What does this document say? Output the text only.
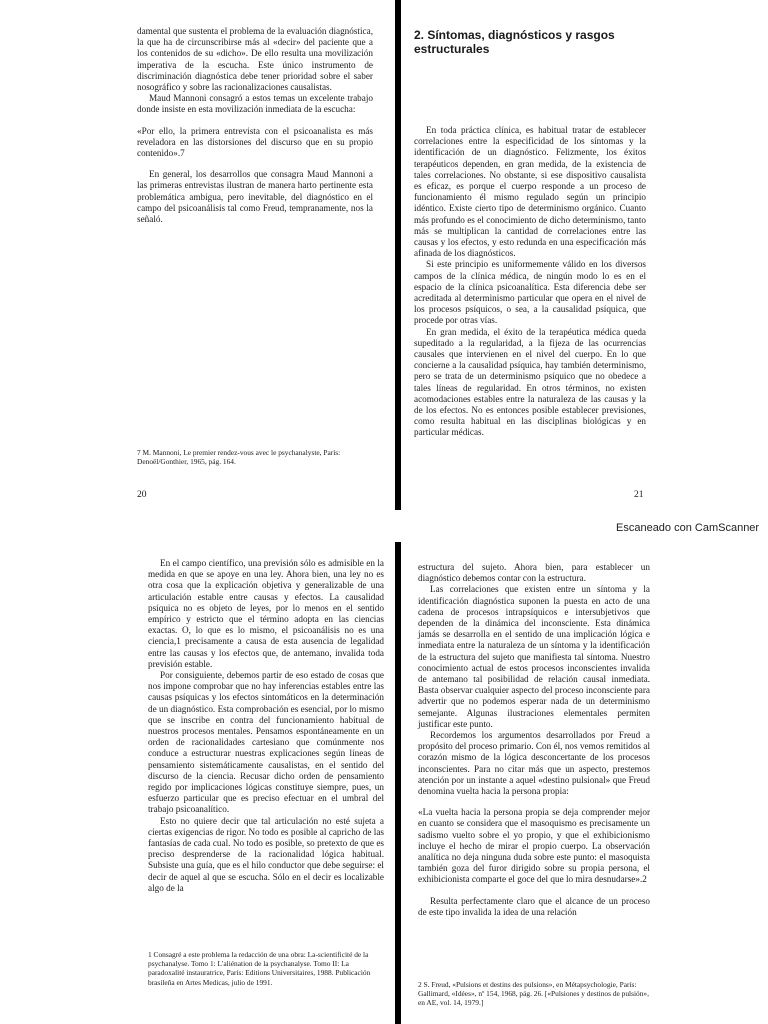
damental que sustenta el problema de la evaluación diagnóstica, la que ha de circunscribirse más al «decir» del paciente que a los contenidos de su «dicho». De ello resulta una movilización imperativa de la escucha. Este único instrumento de discriminación diagnóstica debe tener prioridad sobre el saber nosográfico y sobre las racionalizaciones causalistas.

Maud Mannoni consagró a estos temas un excelente trabajo donde insiste en esta movilización inmediata de la escucha:

«Por ello, la primera entrevista con el psicoanalista es más reveladora en las distorsiones del discurso que en su propio contenido».7

En general, los desarrollos que consagra Maud Mannoni a las primeras entrevistas ilustran de manera harto pertinente esta problemática ambigua, pero inevitable, del diagnóstico en el campo del psicoanálisis tal como Freud, tempranamente, nos la señaló.

7 M. Mannoni, Le premier rendez-vous avec le psychanalyste, París: Denoël/Gonthier, 1965, pág. 164.

20
2. Síntomas, diagnósticos y rasgos estructurales

En toda práctica clínica, es habitual tratar de establecer correlaciones entre la especificidad de los síntomas y la identificación de un diagnóstico. Felizmente, los éxitos terapéuticos dependen, en gran medida, de la existencia de tales correlaciones. No obstante, si ese dispositivo causalista es eficaz, es porque el cuerpo responde a un proceso de funcionamiento él mismo regulado según un principio idéntico. Existe cierto tipo de determinismo orgánico. Cuanto más profundo es el conocimiento de dicho determinismo, tanto más se multiplican la cantidad de correlaciones entre las causas y los efectos, y esto redunda en una especificación más afinada de los diagnósticos.

Si este principio es uniformemente válido en los diversos campos de la clínica médica, de ningún modo lo es en el espacio de la clínica psicoanalítica. Esta diferencia debe ser acreditada al determinismo particular que opera en el nivel de los procesos psíquicos, o sea, a la causalidad psíquica, que procede por otras vías.

En gran medida, el éxito de la terapéutica médica queda supeditado a la regularidad, a la fijeza de las ocurrencias causales que intervienen en el nivel del cuerpo. En lo que concierne a la causalidad psíquica, hay también determinismo, pero se trata de un determinismo psíquico que no obedece a tales líneas de regularidad. En otros términos, no existen acomodaciones estables entre la naturaleza de las causas y la de los efectos. No es entonces posible establecer previsiones, como resulta habitual en las disciplinas biológicas y en particular médicas.

21
Escaneado con CamScanner

En el campo científico, una previsión sólo es admisible en la medida en que se apoye en una ley. Ahora bien, una ley no es otra cosa que la explicación objetiva y generalizable de una articulación estable entre causas y efectos. La causalidad psíquica no es objeto de leyes, por lo menos en el sentido empírico y estricto que el término adopta en las ciencias exactas. O, lo que es lo mismo, el psicoanálisis no es una ciencia,1 precisamente a causa de esta ausencia de legalidad entre las causas y los efectos que, de antemano, invalida toda previsión estable.

Por consiguiente, debemos partir de eso estado de cosas que nos impone comprobar que no hay inferencias estables entre las causas psíquicas y los efectos sintomáticos en la determinación de un diagnóstico. Esta comprobación es esencial, por lo mismo que se inscribe en contra del funcionamiento habitual de nuestros procesos mentales. Pensamos espontáneamente en un orden de racionalidades cartesiano que comúnmente nos conduce a estructurar nuestras explicaciones según líneas de pensamiento sistemáticamente causalistas, en el sentido del discurso de la ciencia. Recusar dicho orden de pensamiento regido por implicaciones lógicas constituye siempre, pues, un esfuerzo particular que es preciso efectuar en el umbral del trabajo psicoanalítico.

Esto no quiere decir que tal articulación no esté sujeta a ciertas exigencias de rigor. No todo es posible al capricho de las fantasías de cada cual. No todo es posible, so pretexto de que es preciso desprenderse de la racionalidad lógica habitual. Subsiste una guía, que es el hilo conductor que debe seguirse: el decir de aquel al que se escucha. Sólo en el decir es localizable algo de la

1 Consagré a este problema la redacción de una obra: La-scientificité de la psychanalyse. Tomo 1: L'aliénation de la psychanalyse. Tomo II: La paradoxalité instauratrice, París: Editions Universitaires, 1988. Publicación brasileña en Artes Medicas, julio de 1991.

estructura del sujeto. Ahora bien, para establecer un diagnóstico debemos contar con la estructura.

Las correlaciones que existen entre un síntoma y la identificación diagnóstica suponen la puesta en acto de una cadena de procesos intrapsíquicos e intersubjetivos que dependen de la dinámica del inconsciente. Esta dinámica jamás se desarrolla en el sentido de una implicación lógica e inmediata entre la naturaleza de un síntoma y la identificación de la estructura del sujeto que manifiesta tal síntoma. Nuestro conocimiento actual de estos procesos inconscientes invalida de antemano tal posibilidad de relación causal inmediata. Basta observar cualquier aspecto del proceso inconsciente para advertir que no podemos esperar nada de un determinismo semejante. Algunas ilustraciones elementales permiten justificar este punto.

Recordemos los argumentos desarrollados por Freud a propósito del proceso primario. Con él, nos vemos remitidos al corazón mismo de la lógica desconcertante de los procesos inconscientes. Para no citar más que un aspecto, prestemos atención por un instante a aquel «destino pulsional» que Freud denomina vuelta hacia la persona propia:

«La vuelta hacia la persona propia se deja comprender mejor en cuanto se considera que el masoquismo es precisamente un sadismo vuelto sobre el yo propio, y que el exhibicionismo incluye el hecho de mirar el propio cuerpo. La observación analítica no deja ninguna duda sobre este punto: el masoquista también goza del furor dirigido sobre su propia persona, el exhibicionista comparte el goce del que lo mira desnudarse».2

Resulta perfectamente claro que el alcance de un proceso de este tipo invalida la idea de una relación

2 S. Freud, «Pulsions et destins des pulsions», en Métapsychologie, París: Gallimard, «Idées», nº 154, 1968, pág. 26. [«Pulsiones y destinos de pulsión», en AE, vol. 14, 1979.]
